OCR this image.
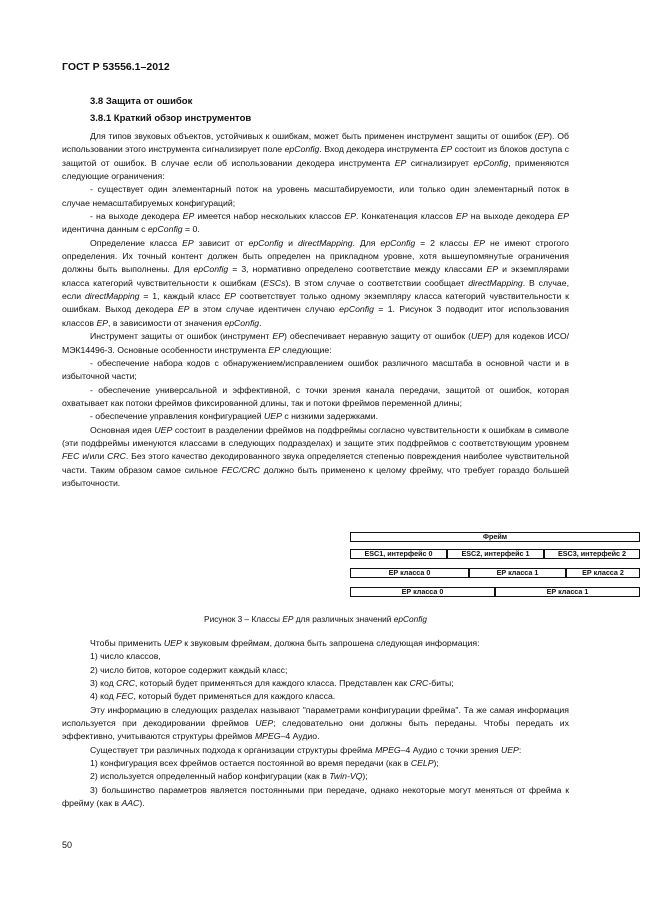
ГОСТ Р 53556.1–2012
3.8 Защита от ошибок
3.8.1 Краткий обзор инструментов

Для типов звуковых объектов, устойчивых к ошибкам, может быть применен инструмент защиты от ошибок (EP). Об использовании этого инструмента сигнализирует поле epConfig. Вход декодера инструмента EP состоит из блоков доступа с защитой от ошибок. В случае если об использовании декодера инструмента EP сигнализирует epConfig, применяются следующие ограничения:

- существует один элементарный поток на уровень масштабируемости, или только один элементарный поток в случае немасштабируемых конфигураций;

- на выходе декодера EP имеется набор нескольких классов EP. Конкатенация классов EP на выходе декодера EP идентична данным с epConfig = 0.

Определение класса EP зависит от epConfig и directMapping. Для epConfig = 2 классы EP не имеют строгого определения. Их точный контент должен быть определен на прикладном уровне, хотя вышеупомянутые ограничения должны быть выполнены. Для epConfig = 3, нормативно определено соответствие между классами EP и экземплярами класса категорий чувствительности к ошибкам (ESCs). В этом случае о соответствии сообщает directMapping. В случае, если directMapping = 1, каждый класс EP соответствует только одному экземпляру класса категорий чувствительности к ошибкам. Выход декодера EP в этом случае идентичен случаю epConfig = 1. Рисунок 3 подводит итог использования классов EP, в зависимости от значения epConfig.

Инструмент защиты от ошибок (инструмент EP) обеспечивает неравную защиту от ошибок (UEP) для кодеков ИСО/МЭК14496-3. Основные особенности инструмента EP следующие:

- обеспечение набора кодов с обнаружением/исправлением ошибок различного масштаба в основной части и в избыточной части;

- обеспечение универсальной и эффективной, с точки зрения канала передачи, защитой от ошибок, которая охватывает как потоки фреймов фиксированной длины, так и потоки фреймов переменной длины;

- обеспечение управления конфигурацией UEP с низкими задержками.

Основная идея UEP состоит в разделении фреймов на подфреймы согласно чувствительности к ошибкам в символе (эти подфреймы именуются классами в следующих подразделах) и защите этих подфреймов с соответствующим уровнем FEC и/или CRC. Без этого качество декодированного звука определяется степенью повреждения наиболее чувствительной части. Таким образом самое сильное FEC/CRC должно быть применено к целому фрейму, что требует гораздо большей избыточности.

Фрейм
ESC1, интерфейс 0	ESC2, интерфейс 1	ESC3, интерфейс 2
EP класса 0	EP класса 1	EP класса 2
EP класса 0	EP класса 1
Рисунок 3 – Классы EP для различных значений epConfig

Чтобы применить UEP к звуковым фреймам, должна быть запрошена следующая информация:

1) число классов,

2) число битов, которое содержит каждый класс;

3) код CRC, который будет применяться для каждого класса. Представлен как CRC-биты;

4) код FEC, который будет применяться для каждого класса.

Эту информацию в следующих разделах называют "параметрами конфигурации фрейма". Та же самая информация используется при декодировании фреймов UEP; следовательно они должны быть переданы. Чтобы передать их эффективно, учитываются структуры фреймов MPEG–4 Аудио.

Существует три различных подхода к организации структуры фрейма MPEG–4 Аудио с точки зрения UEP:

1) конфигурация всех фреймов остается постоянной во время передачи (как в CELP);

2) используется определенный набор конфигурации (как в Twin-VQ);

3) большинство параметров является постоянными при передаче, однако некоторые могут меняться от фрейма к фрейму (как в AAC).

50
